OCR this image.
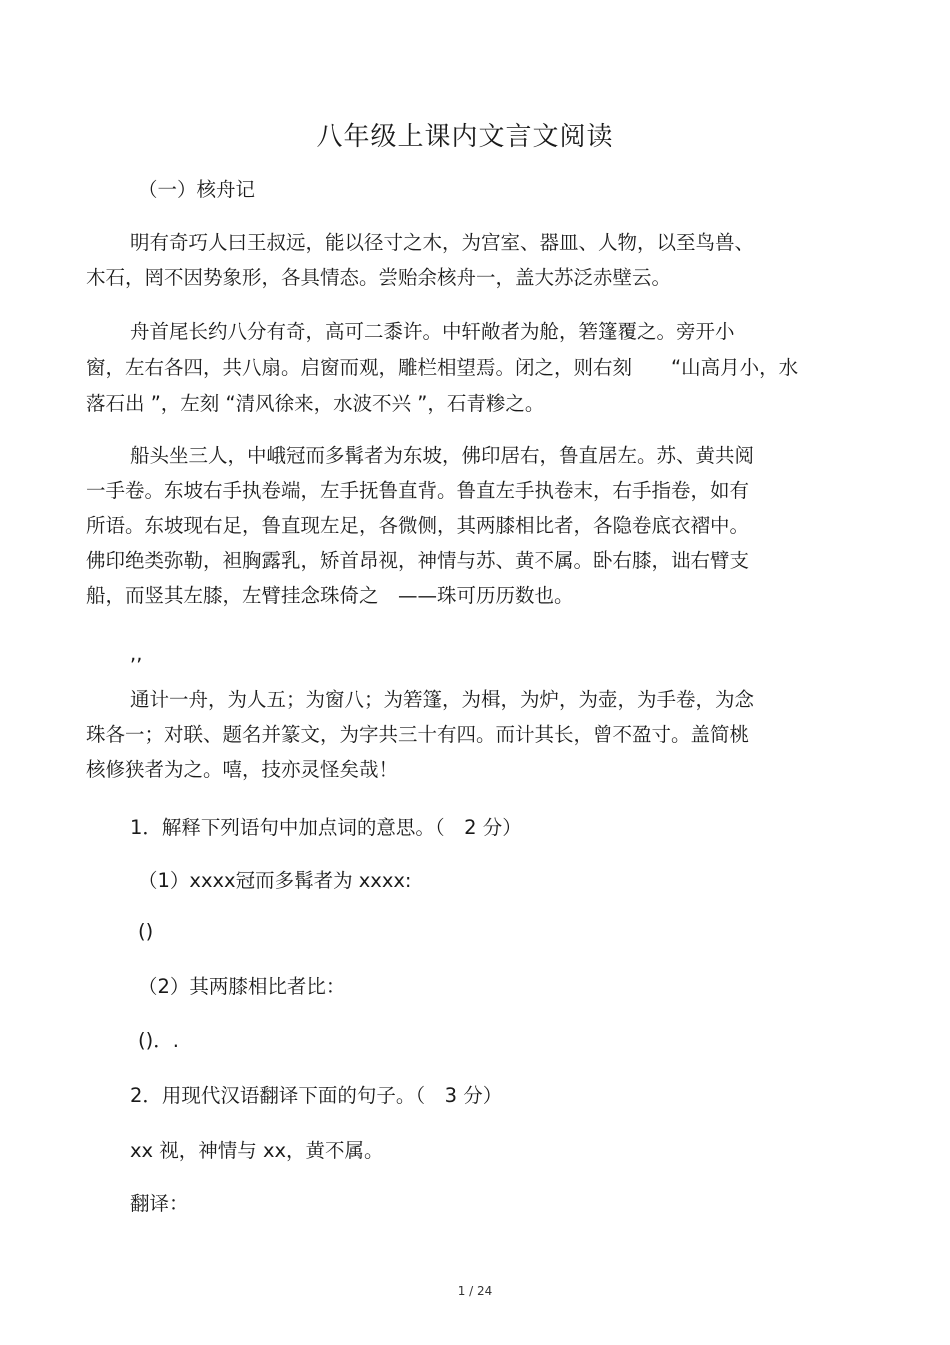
八年级上课内文言文阅读
（一）核舟记
明有奇巧人曰王叔远，能以径寸之木，为宫室、器皿、人物，以至鸟兽、
木石，罔不因势象形，各具情态。尝贻余核舟一，盖大苏泛赤壁云。
舟首尾长约八分有奇，高可二黍许。中轩敞者为舱，箬篷覆之。旁开小
窗，左右各四，共八扇。启窗而观，雕栏相望焉。闭之，则右刻　　“山高月小，水
落石出 ”，左刻 “清风徐来，水波不兴 ”，石青糁之。
船头坐三人，中峨冠而多髯者为东坡，佛印居右，鲁直居左。苏、黄共阅
一手卷。东坡右手执卷端，左手抚鲁直背。鲁直左手执卷末，右手指卷，如有
所语。东坡现右足，鲁直现左足，各微侧，其两膝相比者，各隐卷底衣褶中。
佛印绝类弥勒，袒胸露乳，矫首昂视，神情与苏、黄不属。卧右膝，诎右臂支
船，而竖其左膝，左臂挂念珠倚之　——珠可历历数也。
,,
通计一舟，为人五；为窗八；为箬篷，为楫，为炉，为壶，为手卷，为念
珠各一；对联、题名并篆文，为字共三十有四。而计其长，曾不盈寸。盖简桃
核修狭者为之。嘻，技亦灵怪矣哉！
1．解释下列语句中加点词的意思。（　2 分）
（1）xxxx冠而多髯者为 xxxx:
()
（2）其两膝相比者比：
()．.
2．用现代汉语翻译下面的句子。（　3 分）
xx 视，神情与 xx，黄不属。
翻译：
1 / 24
